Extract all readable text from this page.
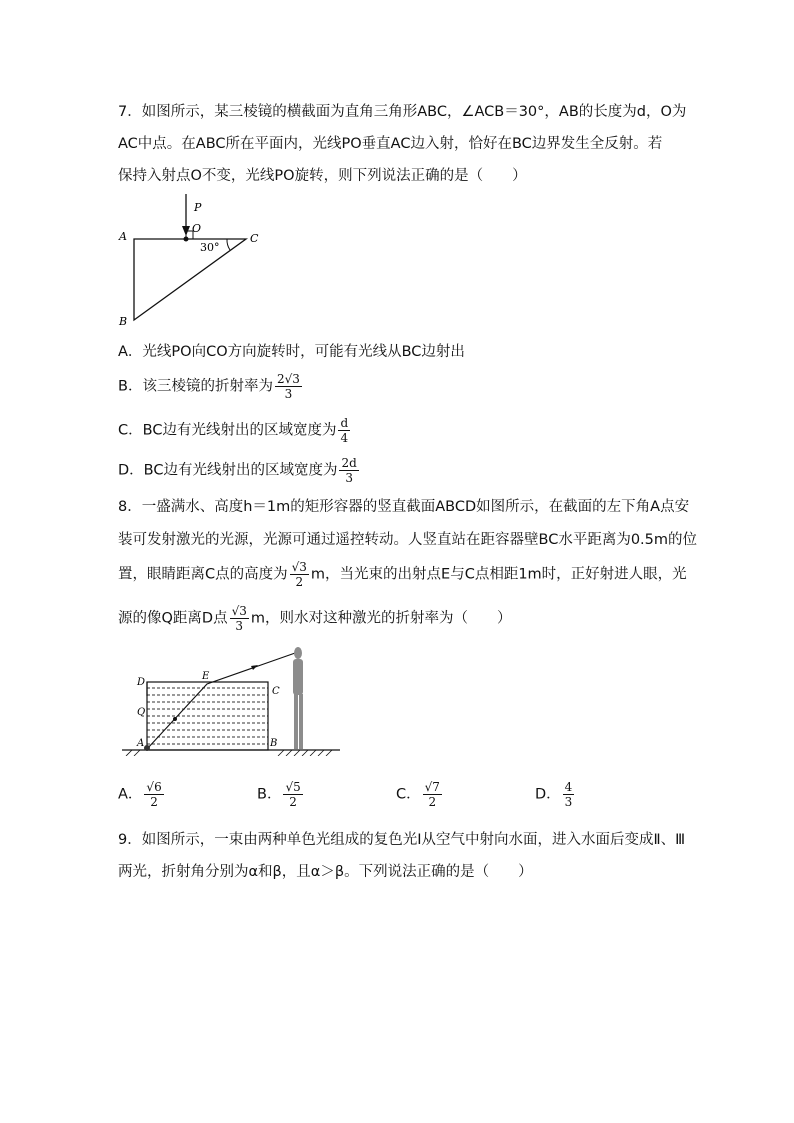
7．如图所示，某三棱镜的横截面为直角三角形ABC，∠ACB＝30°，AB的长度为d，O为
AC中点。在ABC所在平面内，光线PO垂直AC边入射，恰好在BC边界发生全反射。若
保持入射点O不变，光线PO旋转，则下列说法正确的是（　　）
P
O
A
B
C
30°
A．光线PO向CO方向旋转时，可能有光线从BC边射出
B．该三棱镜的折射率为 $\frac{2√3}{3}$
C．BC边有光线射出的区域宽度为 $\frac{d}{4}$
D．BC边有光线射出的区域宽度为 $\frac{2d}{3}$
8．一盛满水、高度h＝1m的矩形容器的竖直截面ABCD如图所示，在截面的左下角A点安
装可发射激光的光源，光源可通过遥控转动。人竖直站在距容器壁BC水平距离为0.5m的位
置，眼睛距离C点的高度为 $\frac{√3}{2}$ m，当光束的出射点E与C点相距1m时，正好射进人眼，光
源的像Q距离D点 $\frac{√3}{3}$ m，则水对这种激光的折射率为（　　）
D
E
C
Q
A	B
A． $\frac{√6}{2}$	B． $\frac{√5}{2}$	C． $\frac{√7}{2}$	D． $\frac{4}{3}$
9．如图所示，一束由两种单色光组成的复色光Ⅰ从空气中射向水面，进入水面后变成Ⅱ、Ⅲ
两光，折射角分别为α和β，且α＞β。下列说法正确的是（　　）
